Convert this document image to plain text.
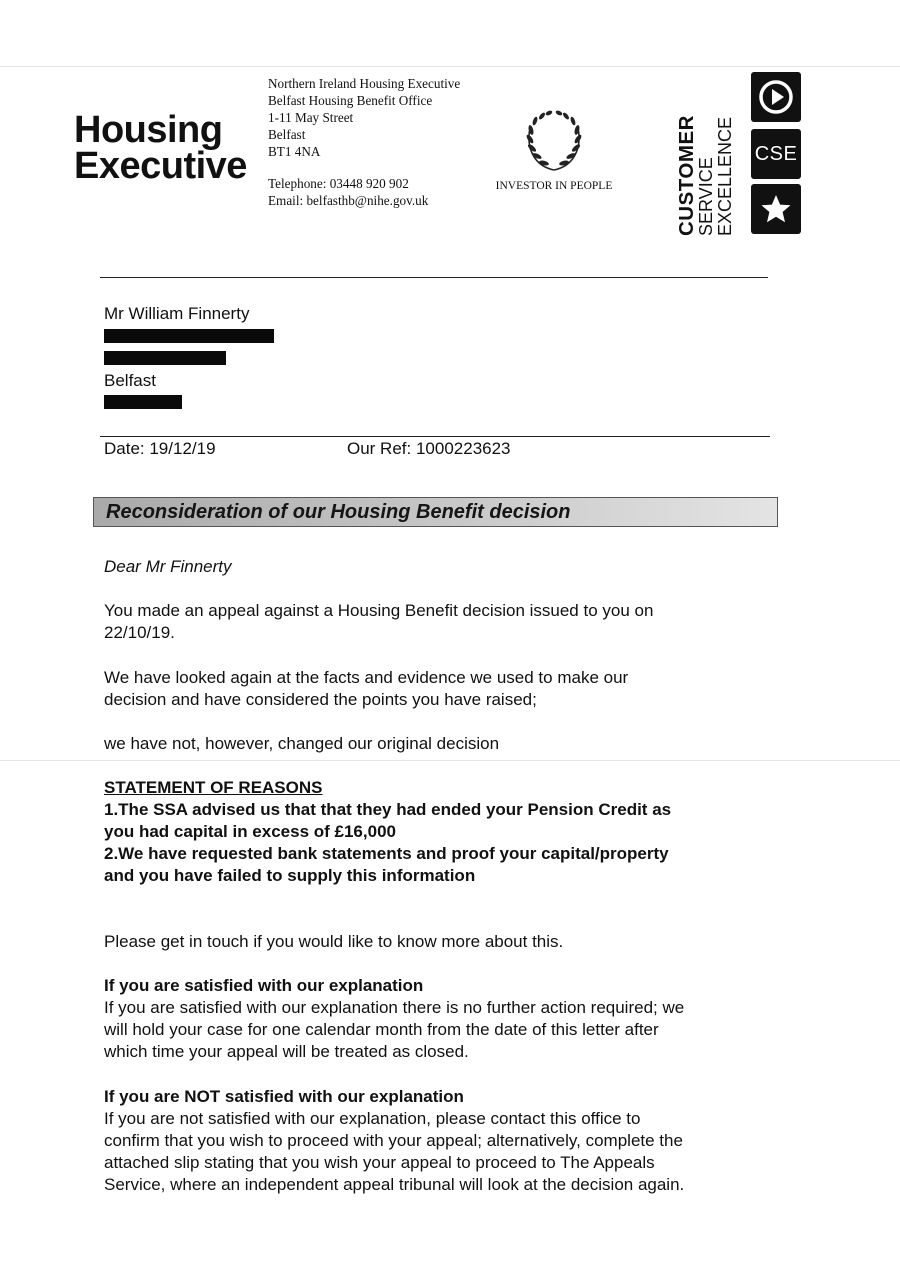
Housing
Executive
Northern Ireland Housing Executive
Belfast Housing Benefit Office
1-11 May Street
Belfast
BT1 4NA
Telephone: 03448 920 902
Email: belfasthb@nihe.gov.uk
INVESTOR IN PEOPLE	CUSTOMER
SERVICE EXCELLENCE CSE
Mr William Finnerty
Belfast
Date: 19/12/19	Our Ref: 1000223623
Reconsideration of our Housing Benefit decision
Dear Mr Finnerty
You made an appeal against a Housing Benefit decision issued to you on
22/10/19.
We have looked again at the facts and evidence we used to make our
decision and have considered the points you have raised;
we have not, however, changed our original decision
STATEMENT OF REASONS
1.The SSA advised us that that they had ended your Pension Credit as
you had capital in excess of £16,000
2.We have requested bank statements and proof your capital/property
and you have failed to supply this information
Please get in touch if you would like to know more about this.
If you are satisfied with our explanation
If you are satisfied with our explanation there is no further action required; we
will hold your case for one calendar month from the date of this letter after
which time your appeal will be treated as closed.
If you are NOT satisfied with our explanation
If you are not satisfied with our explanation, please contact this office to
confirm that you wish to proceed with your appeal; alternatively, complete the
attached slip stating that you wish your appeal to proceed to The Appeals
Service, where an independent appeal tribunal will look at the decision again.
